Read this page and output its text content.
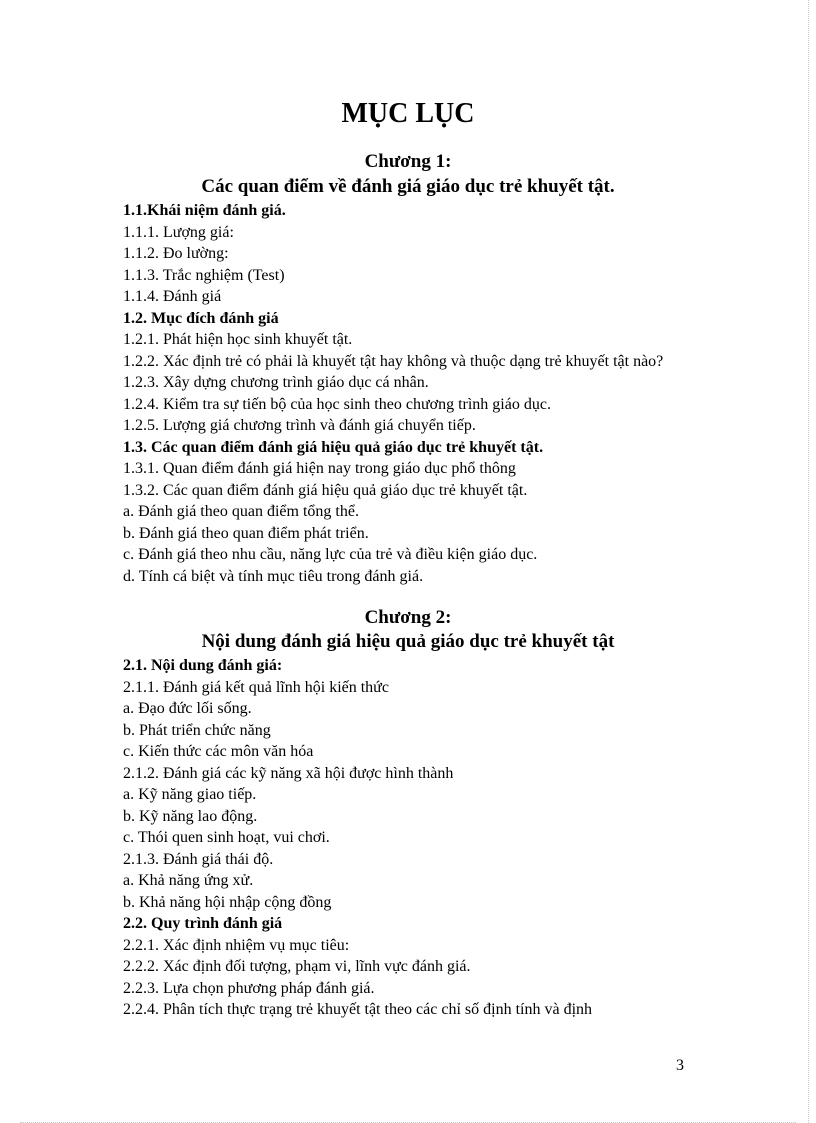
MỤC LỤC
Chương 1:
Các quan điểm về đánh giá giáo dục trẻ khuyết tật.
1.1.Khái niệm đánh giá.
1.1.1. Lượng giá:
1.1.2. Đo lường:
1.1.3. Trắc nghiệm (Test)
1.1.4. Đánh giá
1.2. Mục đích đánh giá
1.2.1. Phát hiện học sinh khuyết tật.
1.2.2. Xác định trẻ có phải là khuyết tật hay không và thuộc dạng trẻ khuyết tật nào?
1.2.3. Xây dựng chương trình giáo dục cá nhân.
1.2.4. Kiểm tra sự tiến bộ của học sinh theo chương trình giáo dục.
1.2.5. Lượng giá chương trình và đánh giá chuyển tiếp.
1.3. Các quan điểm đánh giá hiệu quả giáo dục trẻ khuyết tật.
1.3.1. Quan điểm đánh giá hiện nay trong giáo dục phổ thông
1.3.2. Các quan điểm đánh giá hiệu quả giáo dục trẻ khuyết tật.
a. Đánh giá theo quan điểm tổng thể.
b. Đánh giá theo quan điểm phát triển.
c. Đánh giá theo nhu cầu, năng lực của trẻ và điều kiện giáo dục.
d. Tính cá biệt và tính mục tiêu trong đánh giá.
Chương 2:
Nội dung đánh giá hiệu quả giáo dục trẻ khuyết tật
2.1. Nội dung đánh giá:
2.1.1. Đánh giá kết quả lĩnh hội kiến thức
a. Đạo đức lối sống.
b. Phát triển chức năng
c. Kiến thức các môn văn hóa
2.1.2. Đánh giá các kỹ năng xã hội được hình thành
a. Kỹ năng giao tiếp.
b. Kỹ năng lao động.
c. Thói quen sinh hoạt, vui chơi.
2.1.3. Đánh giá thái độ.
a. Khả năng ứng xử.
b. Khả năng hội nhập cộng đồng
2.2. Quy trình đánh giá
2.2.1. Xác định nhiệm vụ mục tiêu:
2.2.2. Xác định đối tượng, phạm vi, lĩnh vực đánh giá.
2.2.3. Lựa chọn phương pháp đánh giá.
2.2.4. Phân tích thực trạng trẻ khuyết tật theo các chỉ số định tính và định
3
